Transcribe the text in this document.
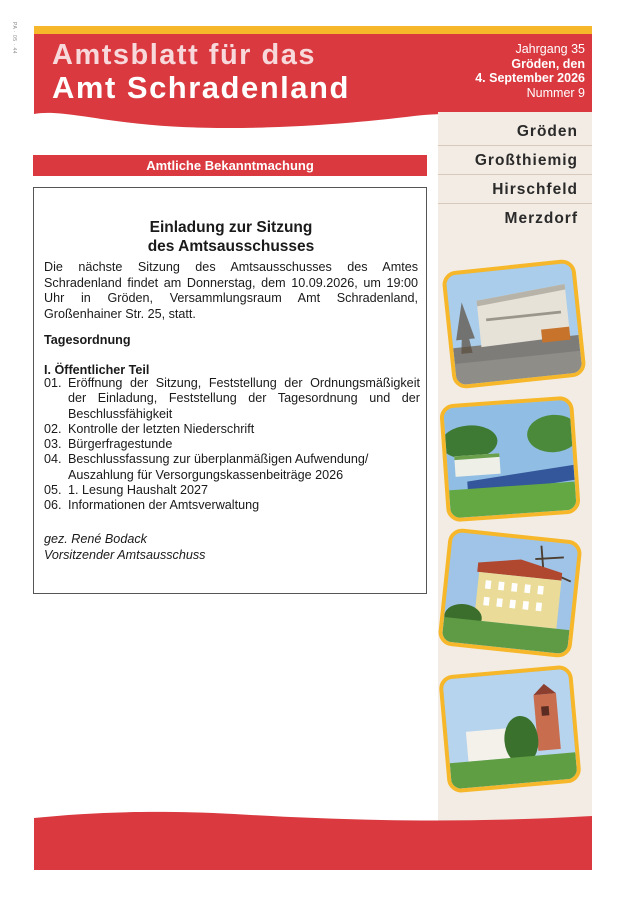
PA · 05 · 44
Amtsblatt für das
Amt Schradenland
Jahrgang 35
Gröden, den
4. September 2026
Nummer 9
Gröden
Großthiemig
Hirschfeld
Merzdorf
Amtliche Bekanntmachung
Einladung zur Sitzung
des Amtsausschusses
Die nächste Sitzung des Amtsausschusses des Amtes Schradenland findet am Donnerstag, dem 10.09.2026, um 19:00 Uhr in Gröden, Versammlungsraum Amt Schradenland, Großenhainer Str. 25, statt.
Tagesordnung
I. Öffentlicher Teil
01. Eröffnung der Sitzung, Feststellung der Ordnungsmäßigkeit der Einladung, Feststellung der Tagesordnung und der Beschlussfähigkeit
02. Kontrolle der letzten Niederschrift
03. Bürgerfragestunde
04. Beschlussfassung zur überplanmäßigen Aufwendung/ Auszahlung für Versorgungskassenbeiträge 2026
05. 1. Lesung Haushalt 2027
06. Informationen der Amtsverwaltung
gez. René Bodack
Vorsitzender Amtsausschuss
